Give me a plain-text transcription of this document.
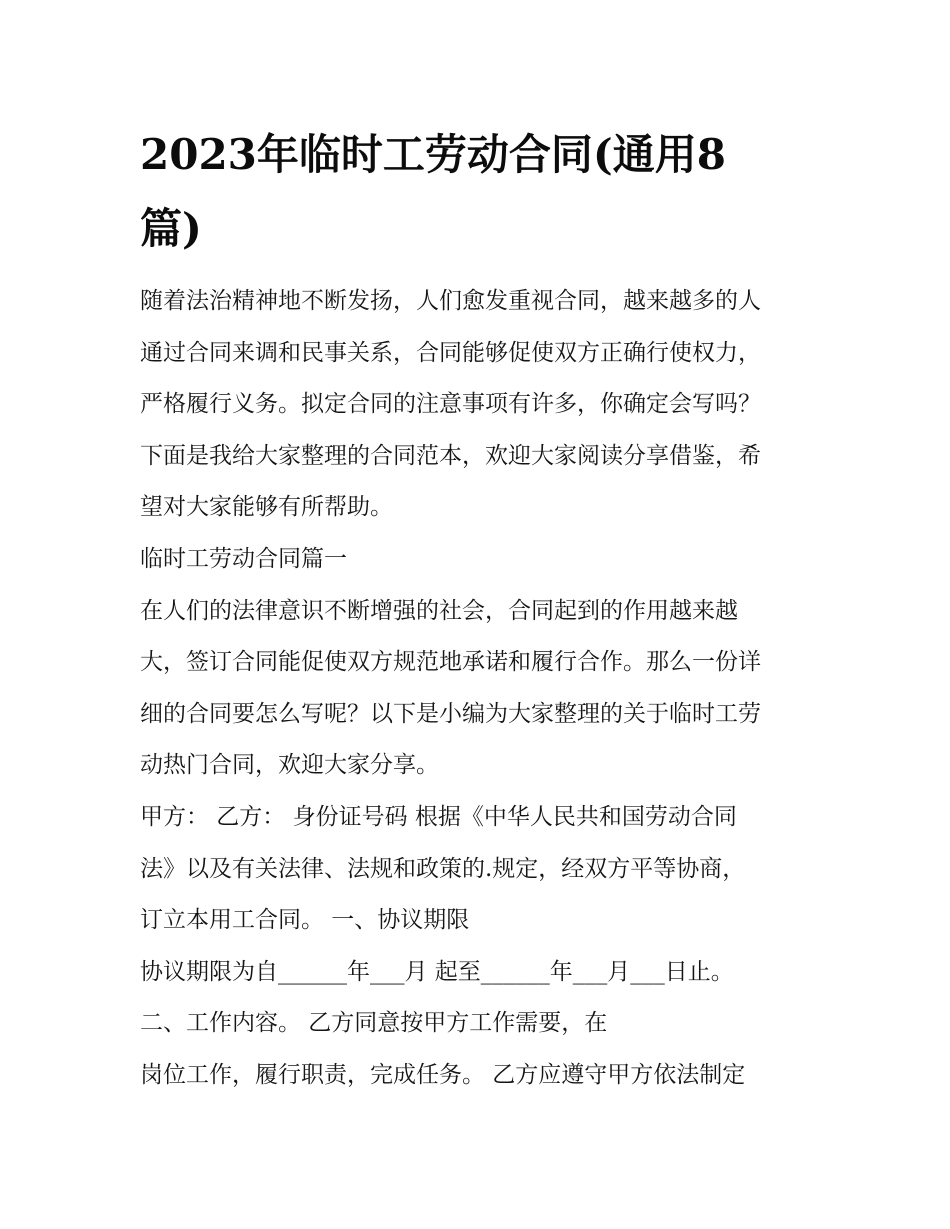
2023年临时工劳动合同(通用8
篇)
随着法治精神地不断发扬，人们愈发重视合同，越来越多的人
通过合同来调和民事关系，合同能够促使双方正确行使权力，
严格履行义务。拟定合同的注意事项有许多，你确定会写吗？
下面是我给大家整理的合同范本，欢迎大家阅读分享借鉴，希
望对大家能够有所帮助。
临时工劳动合同篇一
在人们的法律意识不断增强的社会，合同起到的作用越来越
大，签订合同能促使双方规范地承诺和履行合作。那么一份详
细的合同要怎么写呢？以下是小编为大家整理的关于临时工劳
动热门合同，欢迎大家分享。
甲方： 乙方： 身份证号码 根据《中华人民共和国劳动合同
法》以及有关法律、法规和政策的.规定，经双方平等协商，
订立本用工合同。 一、协议期限
协议期限为自______年___月 起至______年___月___日止。
二、工作内容。 乙方同意按甲方工作需要，在
岗位工作，履行职责，完成任务。 乙方应遵守甲方依法制定
